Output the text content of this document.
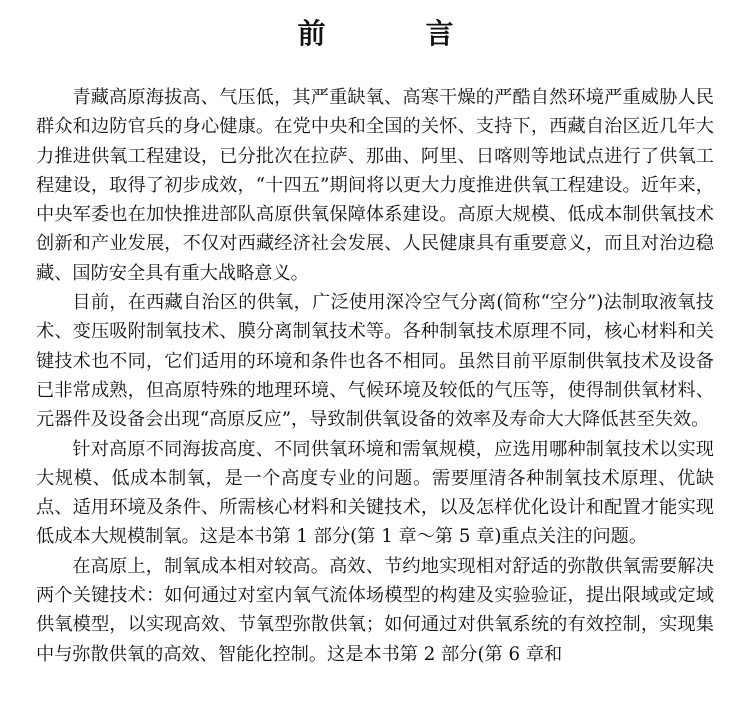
前　言

青藏高原海拔高、气压低，其严重缺氧、高寒干燥的严酷自然环境严重威胁人民群众和边防官兵的身心健康。在党中央和全国的关怀、支持下，西藏自治区近几年大力推进供氧工程建设，已分批次在拉萨、那曲、阿里、日喀则等地试点进行了供氧工程建设，取得了初步成效，“十四五”期间将以更大力度推进供氧工程建设。近年来，中央军委也在加快推进部队高原供氧保障体系建设。高原大规模、低成本制供氧技术创新和产业发展，不仅对西藏经济社会发展、人民健康具有重要意义，而且对治边稳藏、国防安全具有重大战略意义。

目前，在西藏自治区的供氧，广泛使用深冷空气分离(简称“空分”)法制取液氧技术、变压吸附制氧技术、膜分离制氧技术等。各种制氧技术原理不同，核心材料和关键技术也不同，它们适用的环境和条件也各不相同。虽然目前平原制供氧技术及设备已非常成熟，但高原特殊的地理环境、气候环境及较低的气压等，使得制供氧材料、元器件及设备会出现“高原反应”，导致制供氧设备的效率及寿命大大降低甚至失效。

针对高原不同海拔高度、不同供氧环境和需氧规模，应选用哪种制氧技术以实现大规模、低成本制氧，是一个高度专业的问题。需要厘清各种制氧技术原理、优缺点、适用环境及条件、所需核心材料和关键技术，以及怎样优化设计和配置才能实现低成本大规模制氧。这是本书第 1 部分(第 1 章～第 5 章)重点关注的问题。

在高原上，制氧成本相对较高。高效、节约地实现相对舒适的弥散供氧需要解决两个关键技术：如何通过对室内氧气流体场模型的构建及实验验证，提出限域或定域供氧模型，以实现高效、节氧型弥散供氧；如何通过对供氧系统的有效控制，实现集中与弥散供氧的高效、智能化控制。这是本书第 2 部分(第 6 章和
